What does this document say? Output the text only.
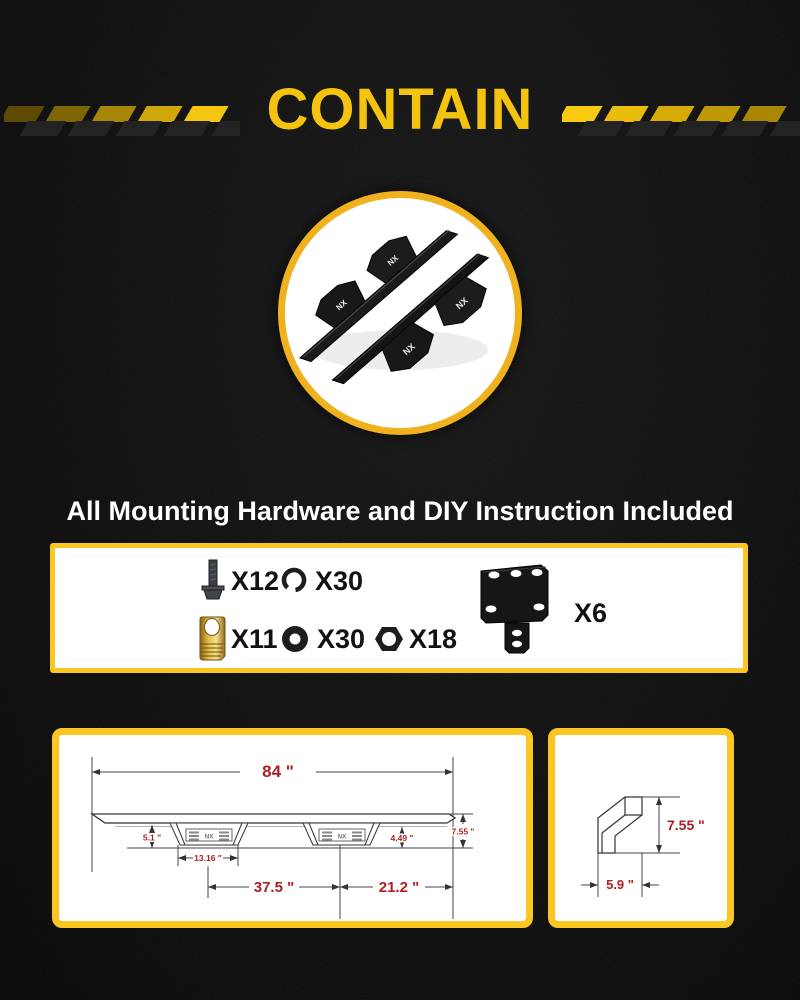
CONTAIN
NX
NX
NX
NX
All Mounting Hardware and DIY Instruction Included
X12 X30
X11 X30 X18
X6
NX	NX
84 "
5.1 "
13.16 "
37.5 "	21.2 "
4.49 "
7.55 "	7.55 "
5.9 "
